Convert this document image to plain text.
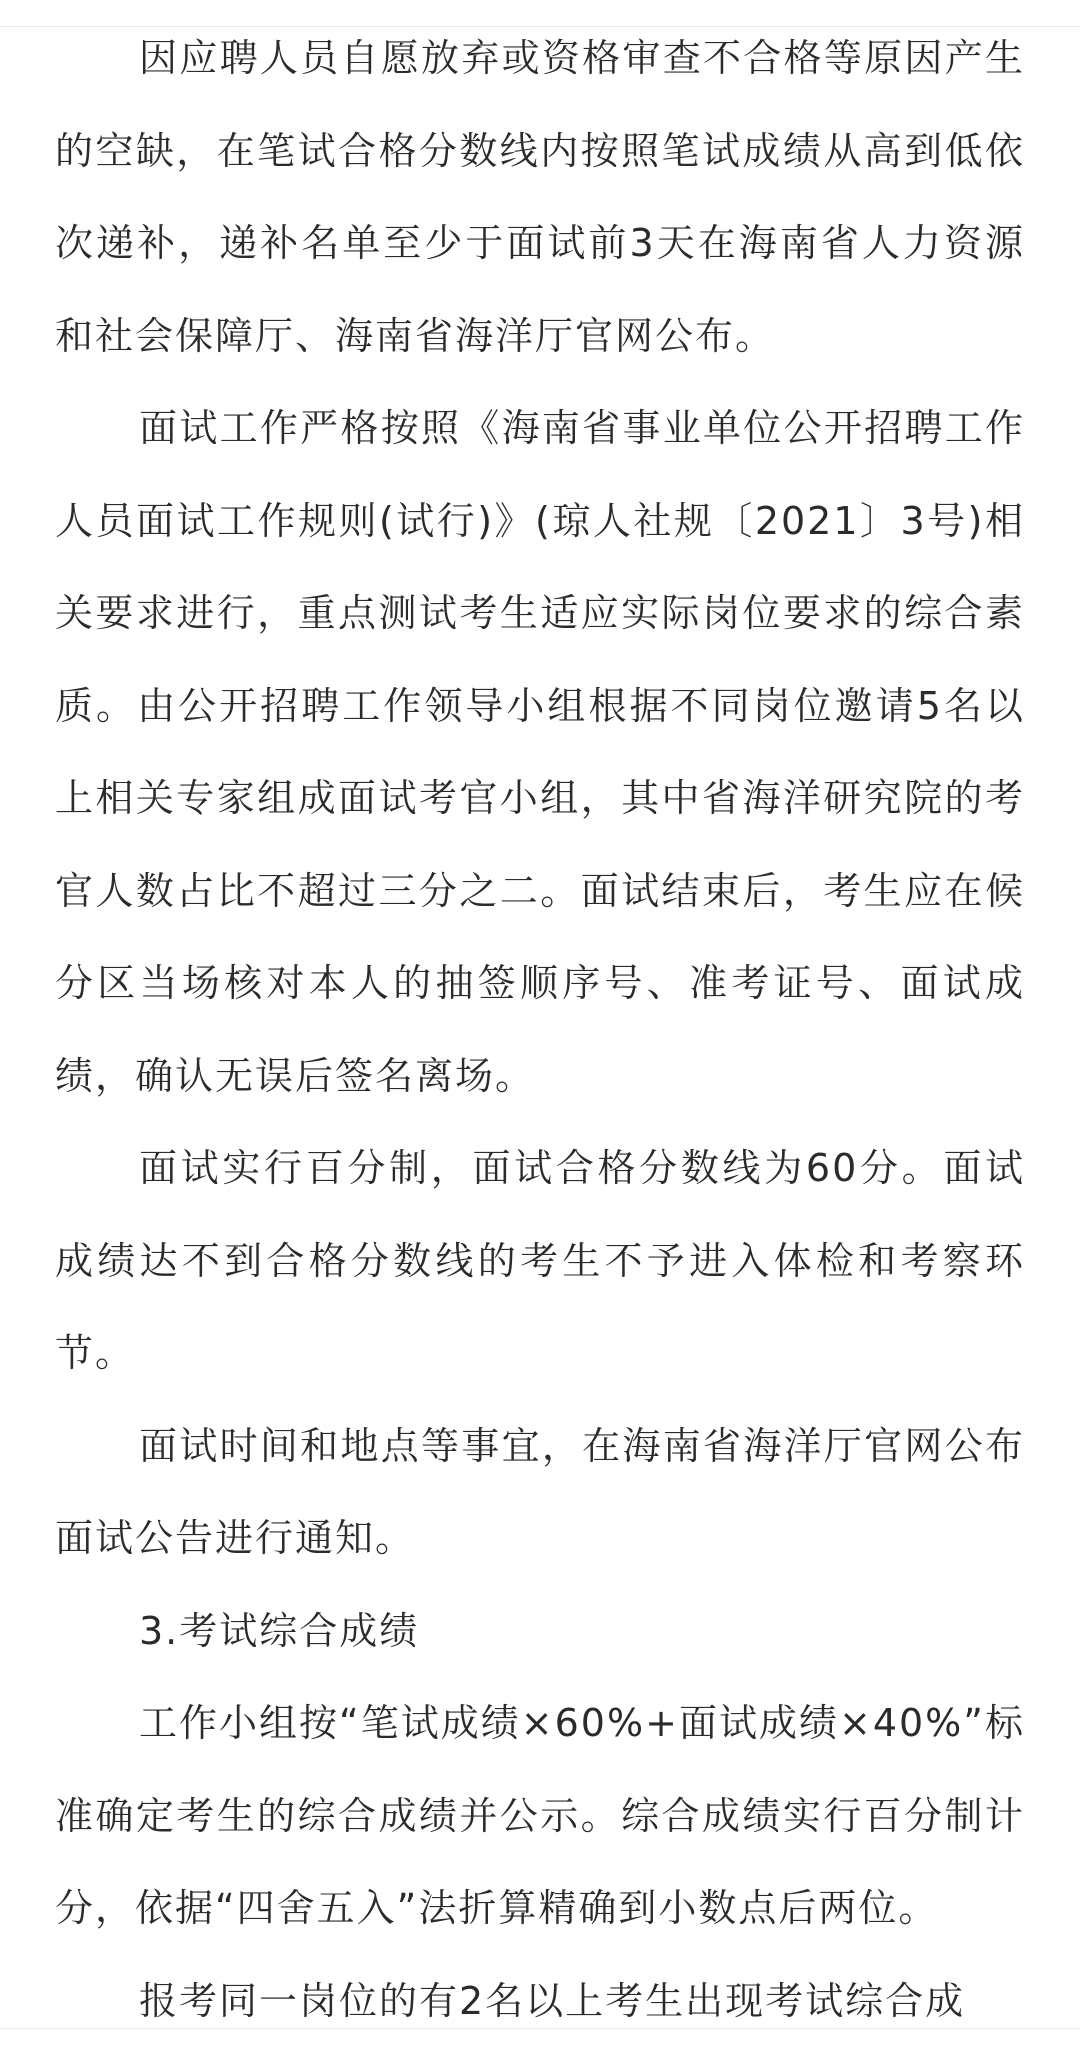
因应聘人员自愿放弃或资格审查不合格等原因产生的空缺，在笔试合格分数线内按照笔试成绩从高到低依次递补，递补名单至少于面试前3天在海南省人力资源和社会保障厅、海南省海洋厅官网公布。

面试工作严格按照《海南省事业单位公开招聘工作人员面试工作规则(试行)》(琼人社规〔2021〕3号)相关要求进行，重点测试考生适应实际岗位要求的综合素质。由公开招聘工作领导小组根据不同岗位邀请5名以上相关专家组成面试考官小组，其中省海洋研究院的考官人数占比不超过三分之二。面试结束后，考生应在候分区当场核对本人的抽签顺序号、准考证号、面试成绩，确认无误后签名离场。

面试实行百分制，面试合格分数线为60分。面试成绩达不到合格分数线的考生不予进入体检和考察环节。

面试时间和地点等事宜，在海南省海洋厅官网公布面试公告进行通知。

3.考试综合成绩

工作小组按“笔试成绩×60%+面试成绩×40%”标准确定考生的综合成绩并公示。综合成绩实行百分制计分，依据“四舍五入”法折算精确到小数点后两位。

报考同一岗位的有2名以上考生出现考试综合成
